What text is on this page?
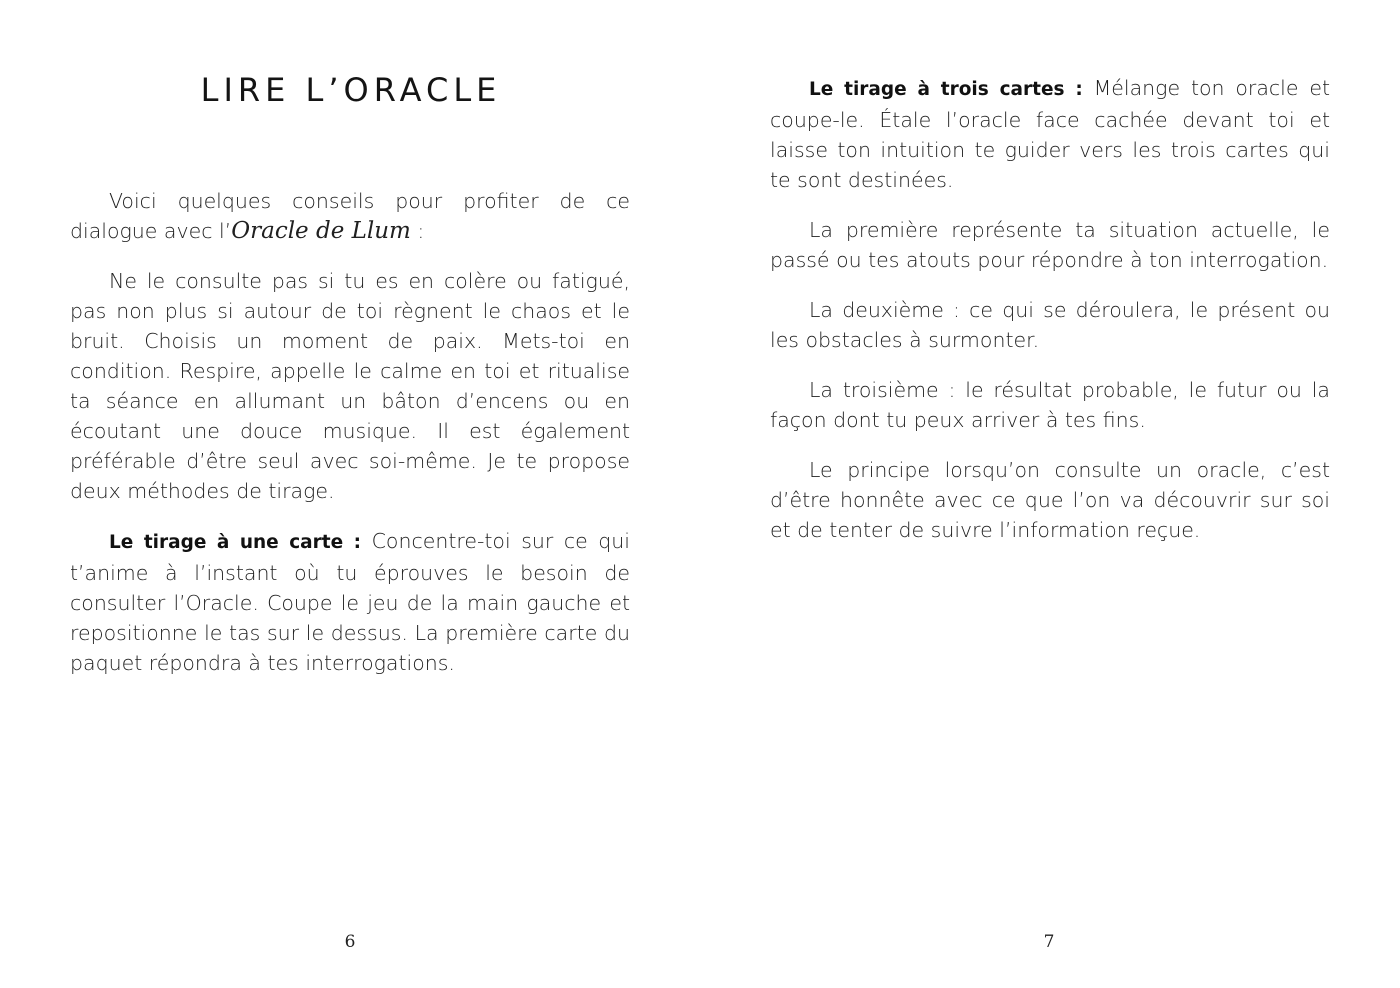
LIRE L’ORACLE

Voici quelques conseils pour profiter de ce dialogue avec l’Oracle de Llum :

Ne le consulte pas si tu es en colère ou fatigué, pas non plus si autour de toi règnent le chaos et le bruit. Choisis un moment de paix. Mets-toi en condition. Respire, appelle le calme en toi et ritualise ta séance en allumant un bâton d’encens ou en écoutant une douce musique. Il est également préférable d’être seul avec soi-même. Je te propose deux méthodes de tirage.

Le tirage à une carte : Concentre-toi sur ce qui t’anime à l’instant où tu éprouves le besoin de consulter l’Oracle. Coupe le jeu de la main gauche et repositionne le tas sur le dessus. La première carte du paquet répondra à tes interrogations.

6

Le tirage à trois cartes : Mélange ton oracle et coupe-le. Étale l’oracle face cachée devant toi et laisse ton intuition te guider vers les trois cartes qui te sont destinées.

La première représente ta situation actuelle, le passé ou tes atouts pour répondre à ton interrogation.

La deuxième : ce qui se déroulera, le présent ou les obstacles à surmonter.

La troisième : le résultat probable, le futur ou la façon dont tu peux arriver à tes fins.

Le principe lorsqu’on consulte un oracle, c’est d’être honnête avec ce que l’on va découvrir sur soi et de tenter de suivre l’information reçue.

7
